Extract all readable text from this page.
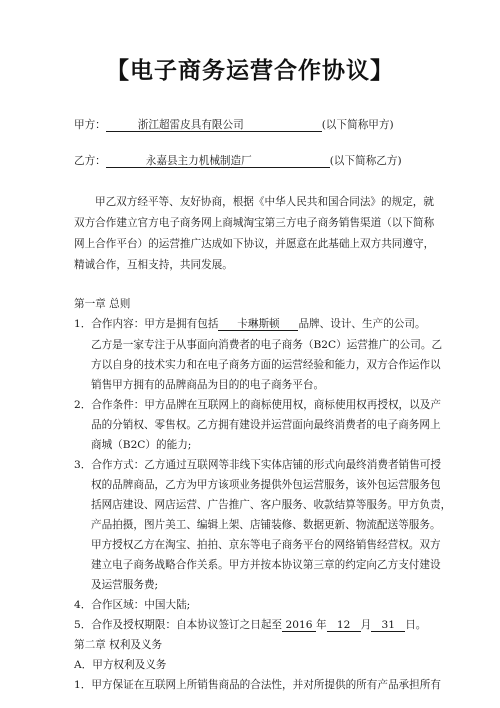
【电子商务运营合作协议】
甲方：	浙江超雷皮具有限公司	(以下简称甲方)
乙方：	永嘉县主力机械制造厂	(以下简称乙方)
甲乙双方经平等、友好协商，根据《中华人民共和国合同法》的规定，就
双方合作建立官方电子商务网上商城淘宝第三方电子商务销售渠道（以下简称
网上合作平台）的运营推广达成如下协议，并愿意在此基础上双方共同遵守，
精诚合作，互相支持，共同发展。
第一章 总则
1．合作内容：甲方是拥有包括 卡琳斯顿 品牌、设计、生产的公司。
乙方是一家专注于从事面向消费者的电子商务（B2C）运营推广的公司。乙
方以自身的技术实力和在电子商务方面的运营经验和能力，双方合作运作以
销售甲方拥有的品牌商品为目的的电子商务平台。
2．合作条件：甲方品牌在互联网上的商标使用权，商标使用权再授权，以及产
品的分销权、零售权。乙方拥有建设并运营面向最终消费者的电子商务网上
商城（B2C）的能力;
3．合作方式：乙方通过互联网等非线下实体店铺的形式向最终消费者销售可授
权的品牌商品，乙方为甲方该项业务提供外包运营服务，该外包运营服务包
括网店建设、网店运营、广告推广、客户服务、收款结算等服务。甲方负责，
产品拍摄，图片美工、编辑上架、店铺装修、数据更新、物流配送等服务。
甲方授权乙方在淘宝、拍拍、京东等电子商务平台的网络销售经营权。双方
建立电子商务战略合作关系。甲方并按本协议第三章的约定向乙方支付建设
及运营服务费;
4．合作区域：中国大陆;
5．合作及授权期限：自本协议签订之日起至 2016 年 12 月 31 日。
第二章 权利及义务
A．甲方权利及义务
1．甲方保证在互联网上所销售商品的合法性，并对所提供的所有产品承担所有
